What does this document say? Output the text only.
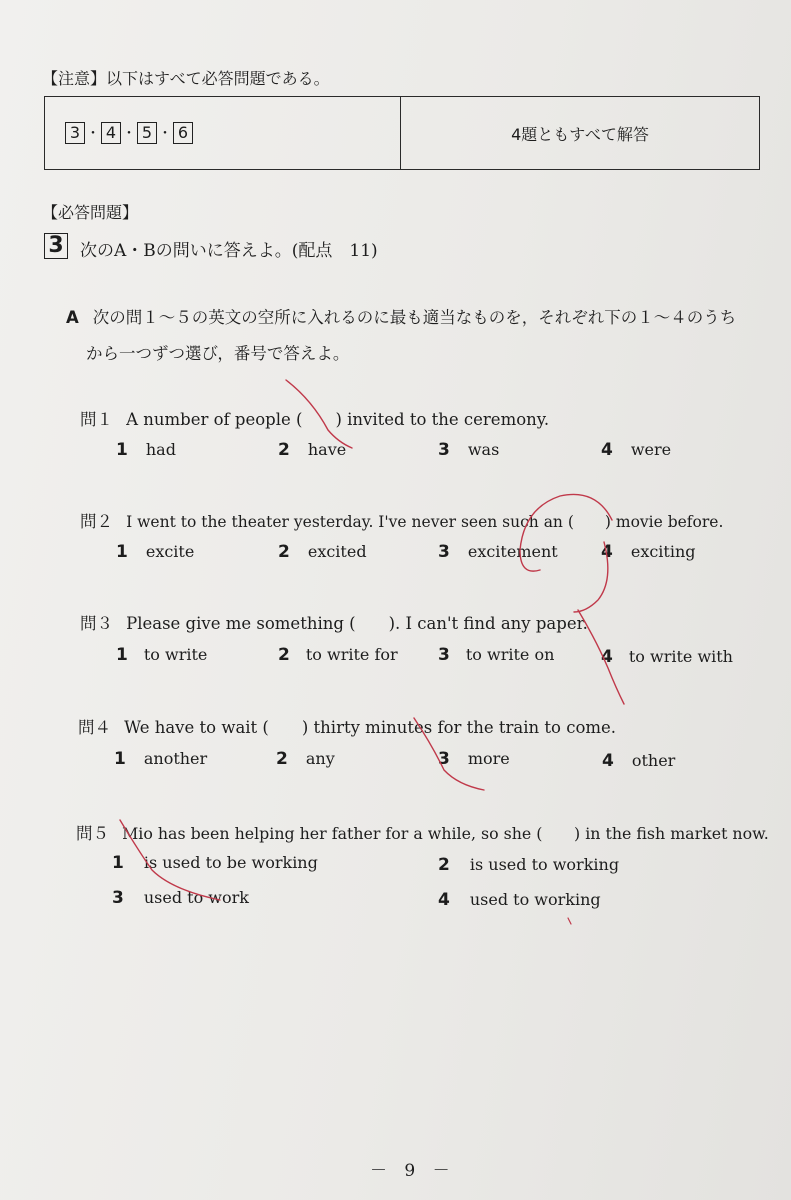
【注意】以下はすべて必答問題である。
3 ・ 4 ・ 5 ・ 6	4題ともすべて解答
【必答問題】
3 次のA・Bの問いに答えよ。(配点　11)
A 次の問１～５の英文の空所に入れるのに最も適当なものを，それぞれ下の１～４のうち
から一つずつ選び，番号で答えよ。
問１ A number of people (　　) invited to the ceremony.
1 had	2 have	3 was	4 were
問２ I went to the theater yesterday. I've never seen such an (　　) movie before.
1 excite	2 excited	3 excitement	4 exciting
問３ Please give me something (　　). I can't find any paper.
1 to write	2 to write for 3 to write on	4 to write with
問４ We have to wait (　　) thirty minutes for the train to come.
1 another	2 any	3 more	4 other
問５ Mio has been helping her father for a while, so she (　　) in the fish market now.
1 is used to be working	2 is used to working
3 used to work	4 used to working
－ 9 －
